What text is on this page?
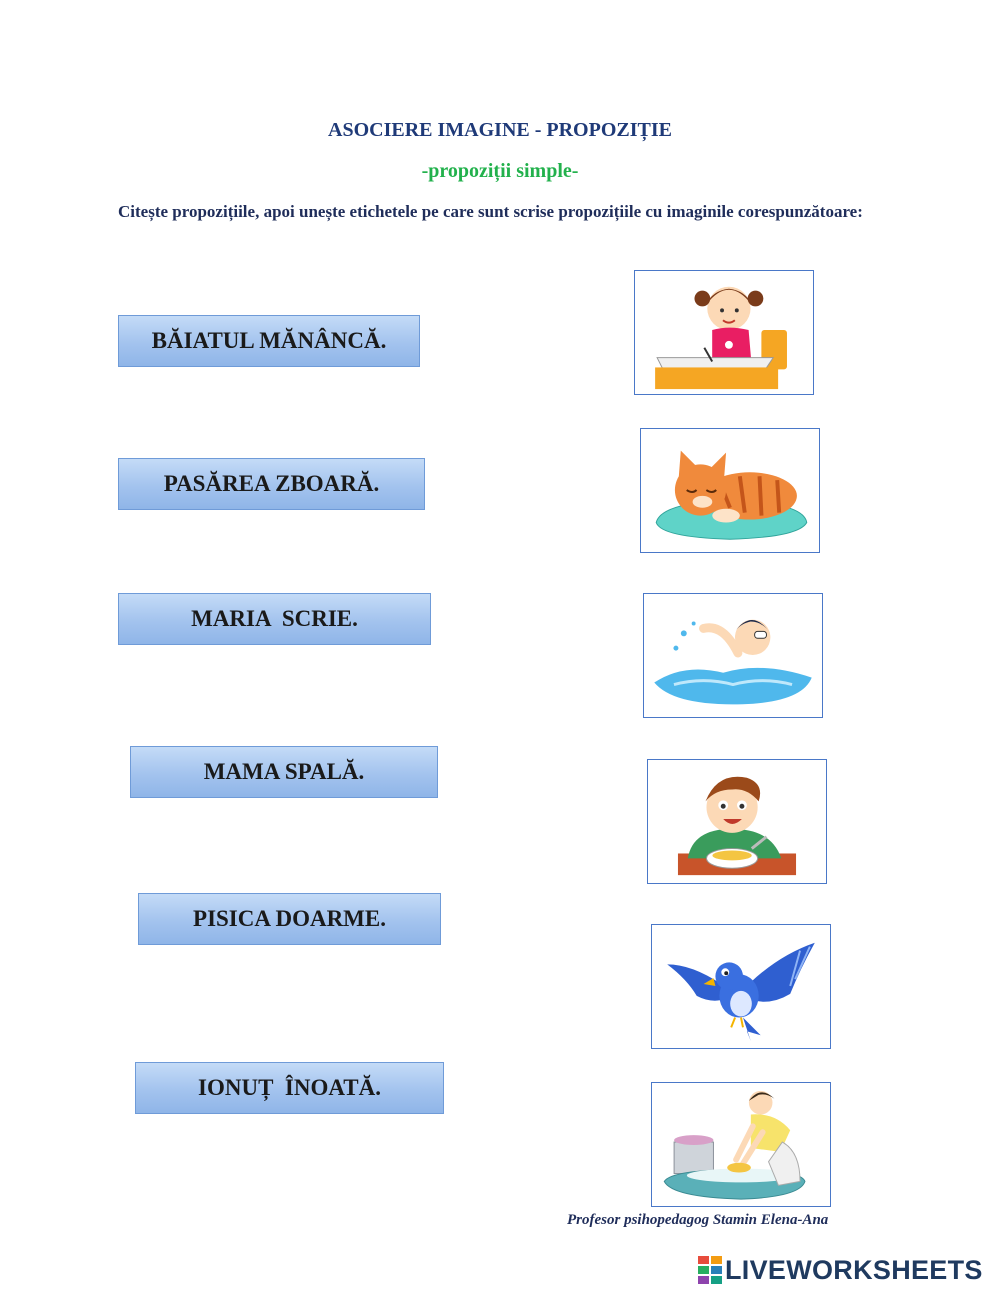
ASOCIERE IMAGINE - PROPOZIȚIE
-propoziții simple-
Citește propozițiile, apoi unește etichetele pe care sunt scrise propozițiile cu imaginile corespunzătoare:
BĂIATUL MĂNÂNCĂ.
PASĂREA ZBOARĂ.
MARIA  SCRIE.
MAMA SPALĂ.
PISICA DOARME.
IONUȚ  ÎNOATĂ.
Profesor psihopedagog Stamin Elena-Ana
LIVEWORKSHEETS
